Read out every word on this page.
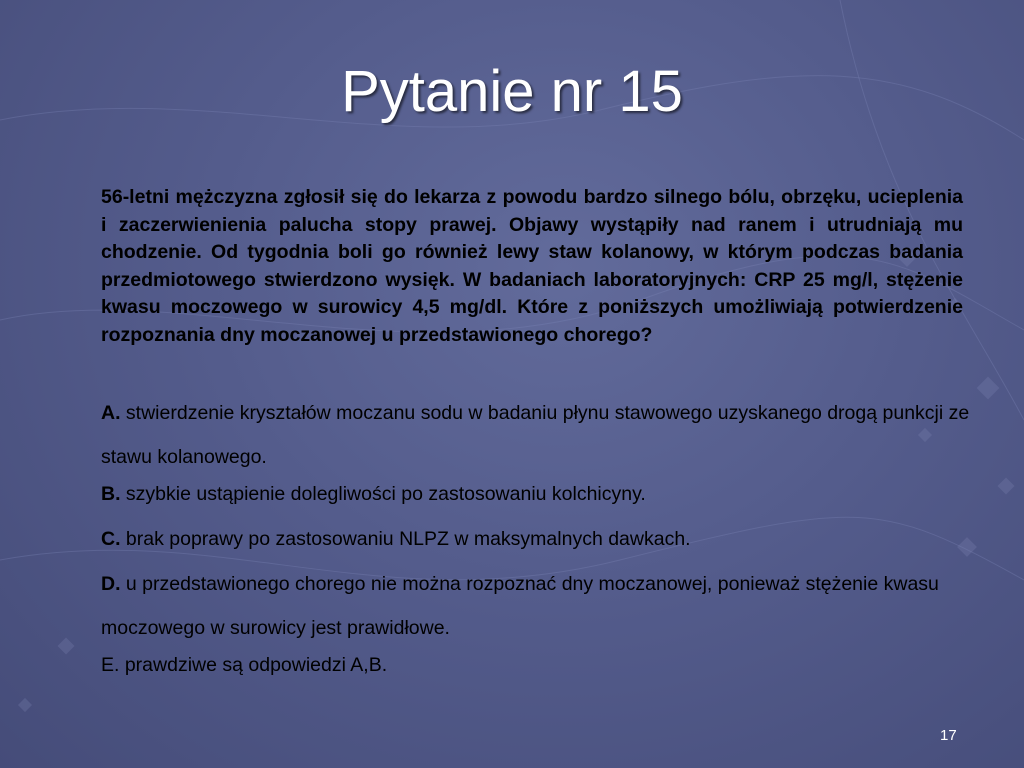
Pytanie nr 15

56-letni mężczyzna zgłosił się do lekarza z powodu bardzo silnego bólu, obrzęku, ucieplenia i zaczerwienienia palucha stopy prawej. Objawy wystąpiły nad ranem i utrudniają mu chodzenie. Od tygodnia boli go również lewy staw kolanowy, w którym podczas badania przedmiotowego stwierdzono wysięk. W badaniach laboratoryjnych: CRP 25 mg/l, stężenie kwasu moczowego w surowicy 4,5 mg/dl. Które z poniższych umożliwiają potwierdzenie rozpoznania dny moczanowej u przedstawionego chorego?

A. stwierdzenie kryształów moczanu sodu w badaniu płynu stawowego uzyskanego drogą punkcji ze stawu kolanowego.
B. szybkie ustąpienie dolegliwości po zastosowaniu kolchicyny.
C. brak poprawy po zastosowaniu NLPZ w maksymalnych dawkach.
D. u przedstawionego chorego nie można rozpoznać dny moczanowej, ponieważ stężenie kwasu moczowego w surowicy jest prawidłowe.
E. prawdziwe są odpowiedzi A,B.
17
